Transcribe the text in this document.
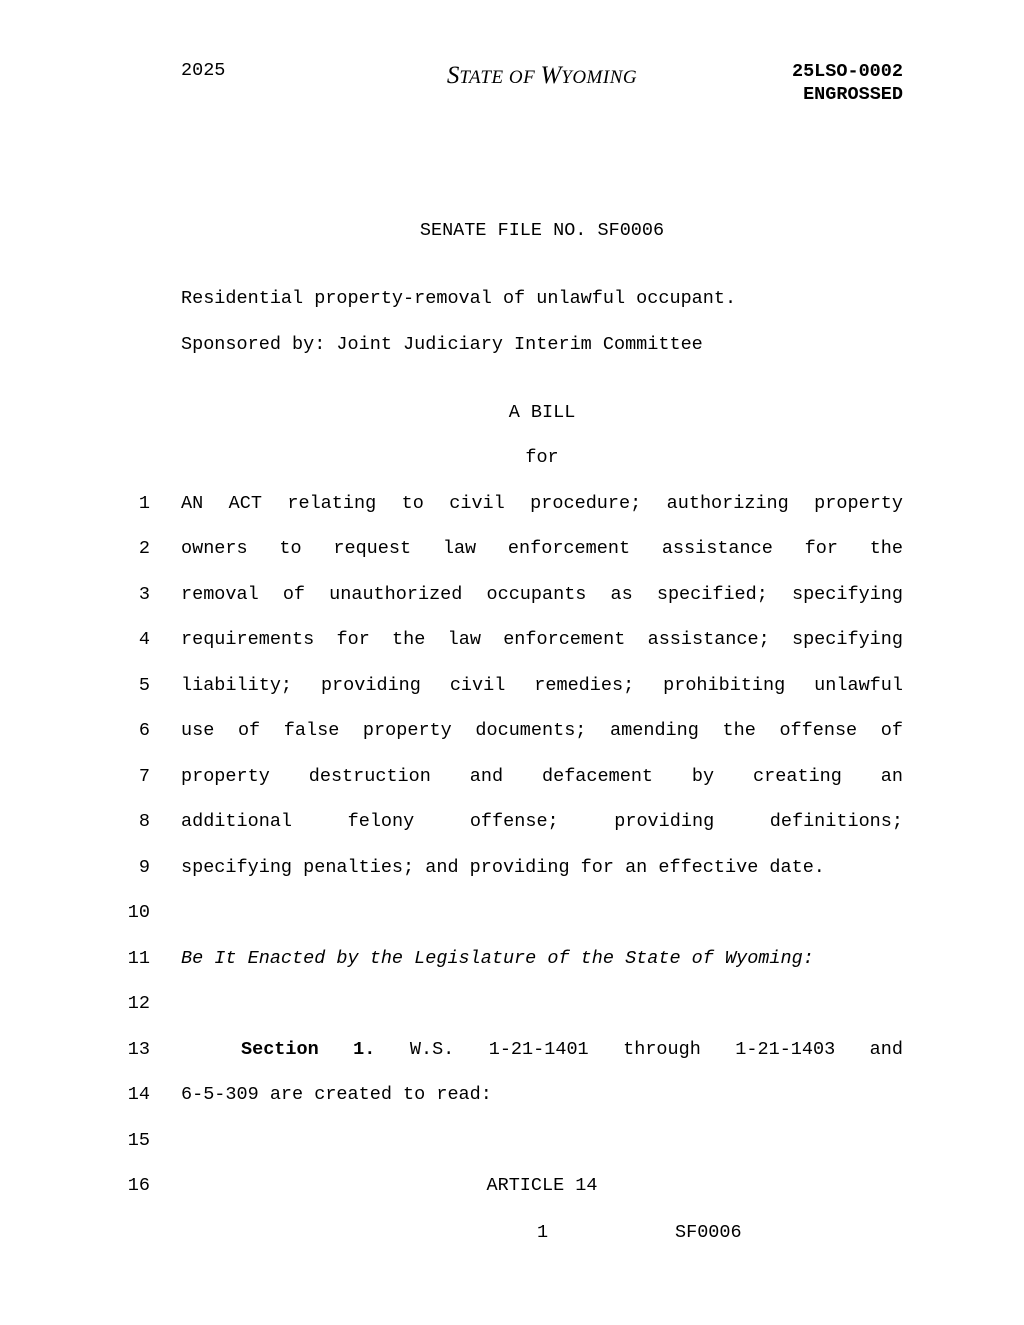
2025	STATE OF WYOMING	25LSO-0002
ENGROSSED
SENATE FILE NO. SF0006
Residential property-removal of unlawful occupant.
Sponsored by: Joint Judiciary Interim Committee
A BILL
for
1 AN ACT relating to civil procedure; authorizing property
2 owners to request law enforcement assistance for the
3 removal of unauthorized occupants as specified; specifying
4 requirements for the law enforcement assistance; specifying
5 liability; providing civil remedies; prohibiting unlawful
6 use of false property documents; amending the offense of
7 property destruction and defacement by creating an
8 additional felony offense; providing definitions;
9 specifying penalties; and providing for an effective date.
10
11 Be It Enacted by the Legislature of the State of Wyoming:
12
13	Section 1. W.S. 1-21-1401 through 1-21-1403 and
14 6-5-309 are created to read:
15
16	ARTICLE 14
1	SF0006
